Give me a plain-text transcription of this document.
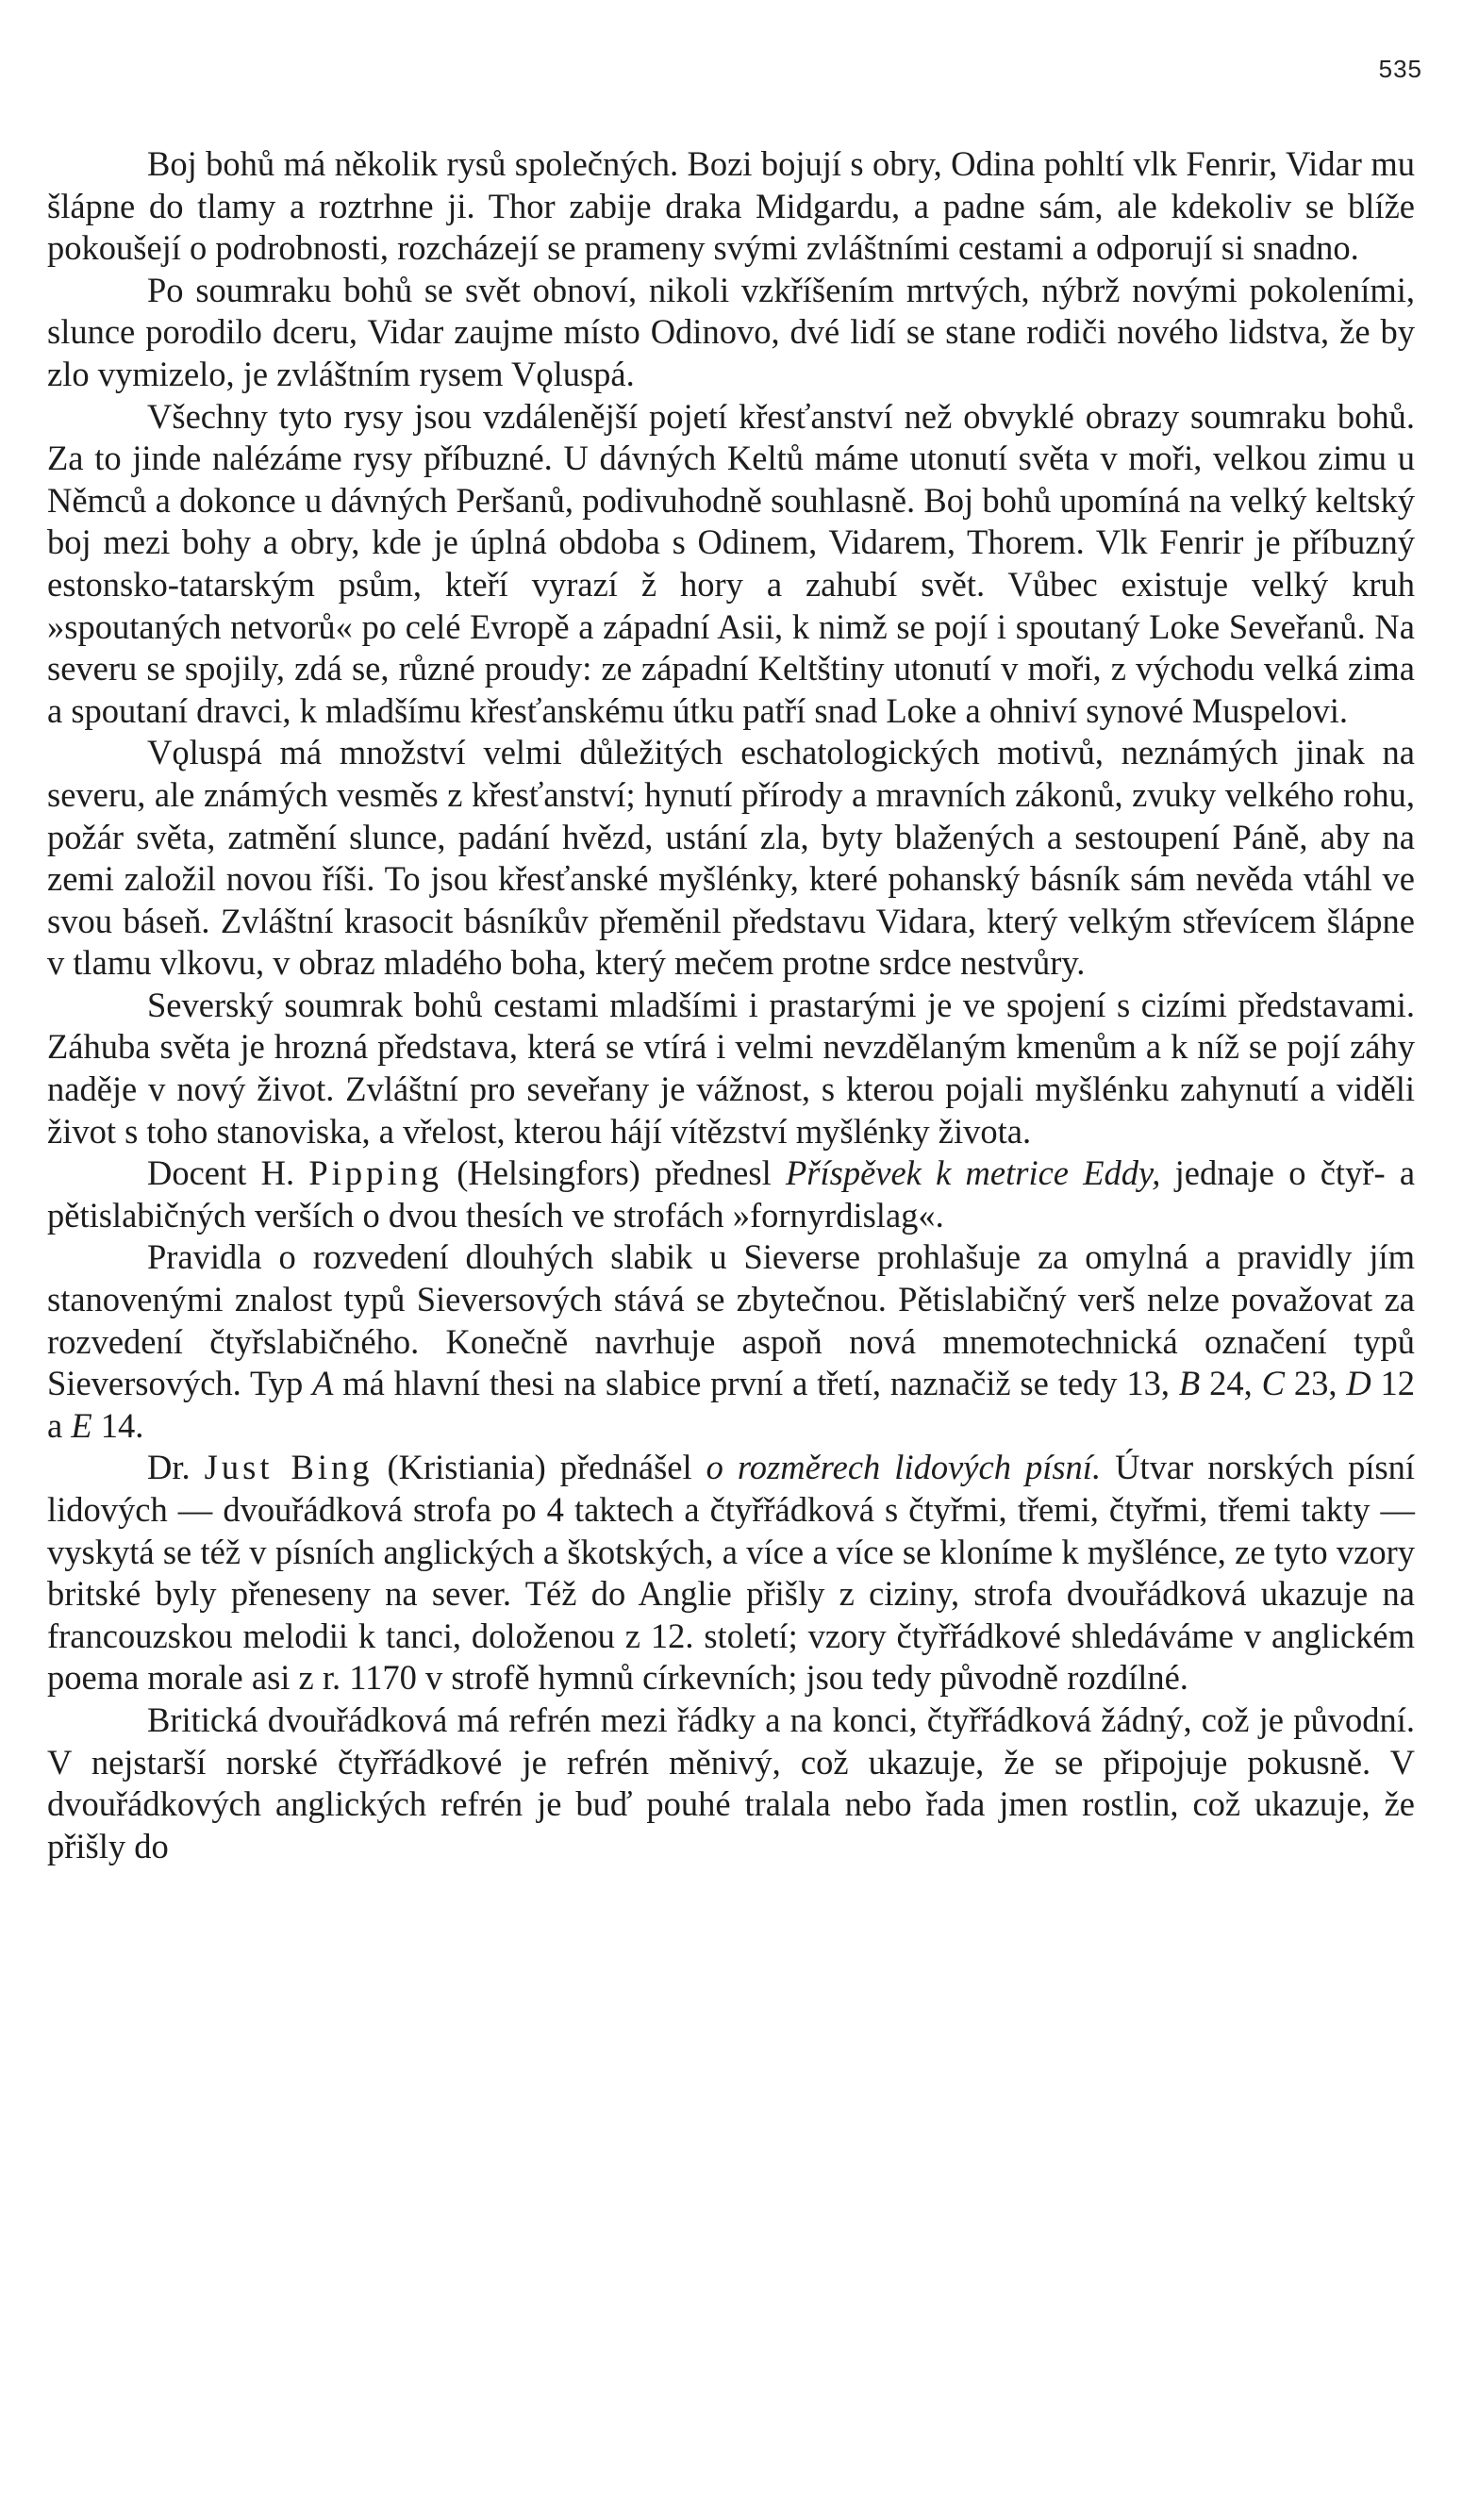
535

Boj bohů má několik rysů společných. Bozi bojují s obry, Odina pohltí vlk Fenrir, Vidar mu šlápne do tlamy a roztrhne ji. Thor zabije draka Midgardu, a padne sám, ale kdekoliv se blíže pokoušejí o podrobnosti, rozcházejí se prameny svými zvláštními cestami a odporují si snadno.

Po soumraku bohů se svět obnoví, nikoli vzkříšením mrtvých, nýbrž novými pokoleními, slunce porodilo dceru, Vidar zaujme místo Odinovo, dvé lidí se stane rodiči nového lidstva, že by zlo vymizelo, je zvláštním rysem Vǫluspá.

Všechny tyto rysy jsou vzdálenější pojetí křesťanství než obvyklé obrazy soumraku bohů. Za to jinde nalézáme rysy příbuzné. U dávných Keltů máme utonutí světa v moři, velkou zimu u Němců a dokonce u dávných Peršanů, podivuhodně souhlasně. Boj bohů upomíná na velký keltský boj mezi bohy a obry, kde je úplná obdoba s Odinem, Vidarem, Thorem. Vlk Fenrir je příbuzný estonsko-tatarským psům, kteří vyrazí ž hory a zahubí svět. Vůbec existuje velký kruh »spoutaných netvorů« po celé Evropě a západní Asii, k nimž se pojí i spoutaný Loke Seveřanů. Na severu se spojily, zdá se, různé proudy: ze západní Keltštiny utonutí v moři, z východu velká zima a spoutaní dravci, k mladšímu křesťanskému útku patří snad Loke a ohniví synové Muspelovi.

Vǫluspá má množství velmi důležitých eschatologických motivů, neznámých jinak na severu, ale známých vesměs z křesťanství; hynutí přírody a mravních zákonů, zvuky velkého rohu, požár světa, zatmění slunce, padání hvězd, ustání zla, byty blažených a sestoupení Páně, aby na zemi založil novou říši. To jsou křesťanské myšlénky, které pohanský básník sám nevěda vtáhl ve svou báseň. Zvláštní krasocit básníkův přeměnil představu Vidara, který velkým střevícem šlápne v tlamu vlkovu, v obraz mladého boha, který mečem protne srdce nestvůry.

Severský soumrak bohů cestami mladšími i prastarými je ve spojení s cizími představami. Záhuba světa je hrozná představa, která se vtírá i velmi nevzdělaným kmenům a k níž se pojí záhy naděje v nový život. Zvláštní pro seveřany je vážnost, s kterou pojali myšlénku zahynutí a viděli život s toho stanoviska, a vřelost, kterou hájí vítězství myšlénky života.

Docent H. Pipping (Helsingfors) přednesl Příspěvek k metrice Eddy, jednaje o čtyř- a pětislabičných verších o dvou thesích ve strofách »fornyrdislag«.

Pravidla o rozvedení dlouhých slabik u Sieverse prohlašuje za omylná a pravidly jím stanovenými znalost typů Sieversových stává se zbytečnou. Pětislabičný verš nelze považovat za rozvedení čtyřslabičného. Konečně navrhuje aspoň nová mnemotechnická označení typů Sieversových. Typ A má hlavní thesi na slabice první a třetí, naznačiž se tedy 13, B 24, C 23, D 12 a E 14.

Dr. Just Bing (Kristiania) přednášel o rozměrech lidových písní. Útvar norských písní lidových — dvouřádková strofa po 4 taktech a čtyřřádková s čtyřmi, třemi, čtyřmi, třemi takty — vyskytá se též v písních anglických a škotských, a více a více se kloníme k myšlénce, ze tyto vzory britské byly přeneseny na sever. Též do Anglie přišly z ciziny, strofa dvouřádková ukazuje na francouzskou melodii k tanci, doloženou z 12. století; vzory čtyřřádkové shledáváme v anglickém poema morale asi z r. 1170 v strofě hymnů církevních; jsou tedy původně rozdílné.

Britická dvouřádková má refrén mezi řádky a na konci, čtyřřádková žádný, což je původní. V nejstarší norské čtyřřádkové je refrén měnivý, což ukazuje, že se připojuje pokusně. V dvouřádkových anglických refrén je buď pouhé tralala nebo řada jmen rostlin, což ukazuje, že přišly do
